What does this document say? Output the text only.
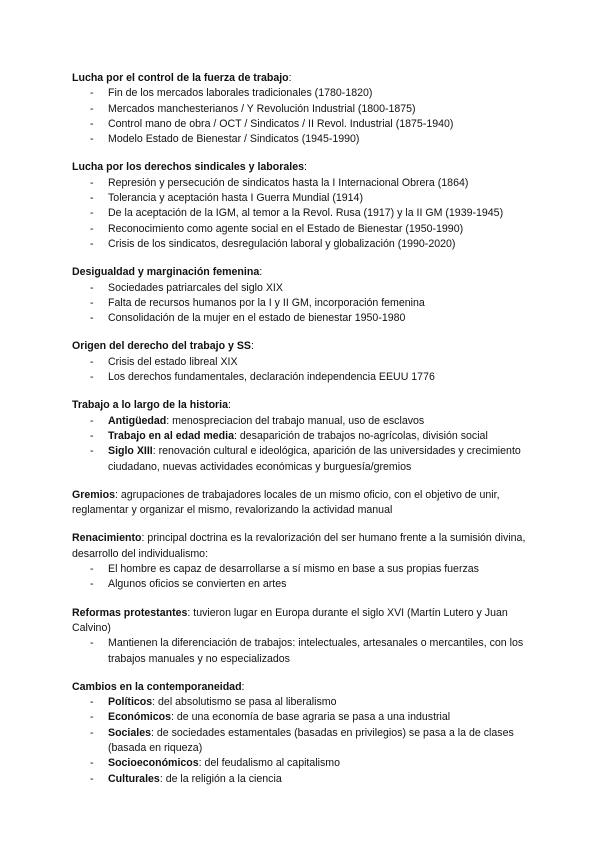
Lucha por el control de la fuerza de trabajo:
- Fin de los mercados laborales tradicionales (1780-1820)
- Mercados manchesterianos / Y Revolución Industrial (1800-1875)
- Control mano de obra / OCT / Sindicatos / II Revol. Industrial (1875-1940)
- Modelo Estado de Bienestar / Sindicatos (1945-1990)
Lucha por los derechos sindicales y laborales:
- Represión y persecución de sindicatos hasta la I Internacional Obrera (1864)
- Tolerancia y aceptación hasta I Guerra Mundial (1914)
- De la aceptación de la IGM, al temor a la Revol. Rusa (1917) y la II GM (1939-1945)
- Reconocimiento como agente social en el Estado de Bienestar (1950-1990)
- Crisis de los sindicatos, desregulación laboral y globalización (1990-2020)
Desigualdad y marginación femenina:
- Sociedades patriarcales del siglo XIX
- Falta de recursos humanos por la I y II GM, incorporación femenina
- Consolidación de la mujer en el estado de bienestar 1950-1980
Origen del derecho del trabajo y SS:
- Crisis del estado libreal XIX
- Los derechos fundamentales, declaración independencia EEUU 1776
Trabajo a lo largo de la historia:
- Antigüedad: menospreciacion del trabajo manual, uso de esclavos
- Trabajo en al edad media: desaparición de trabajos no-agrícolas, división social
- Siglo XIII: renovación cultural e ideológica, aparición de las universidades y crecimiento ciudadano, nuevas actividades económicas y burguesía/gremios
Gremios: agrupaciones de trabajadores locales de un mismo oficio, con el objetivo de unir, reglamentar y organizar el mismo, revalorizando la actividad manual
Renacimiento: principal doctrina es la revalorización del ser humano frente a la sumisión divina, desarrollo del individualismo:
- El hombre es capaz de desarrollarse a sí mismo en base a sus propias fuerzas
- Algunos oficios se convierten en artes
Reformas protestantes: tuvieron lugar en Europa durante el siglo XVI (Martín Lutero y Juan Calvino)
- Mantienen la diferenciación de trabajos: intelectuales, artesanales o mercantiles, con los trabajos manuales y no especializados
Cambios en la contemporaneidad:
- Políticos: del absolutismo se pasa al liberalismo
- Económicos: de una economía de base agraria se pasa a una industrial
- Sociales: de sociedades estamentales (basadas en privilegios) se pasa a la de clases (basada en riqueza)
- Socioeconómicos: del feudalismo al capitalismo
- Culturales: de la religión a la ciencia
